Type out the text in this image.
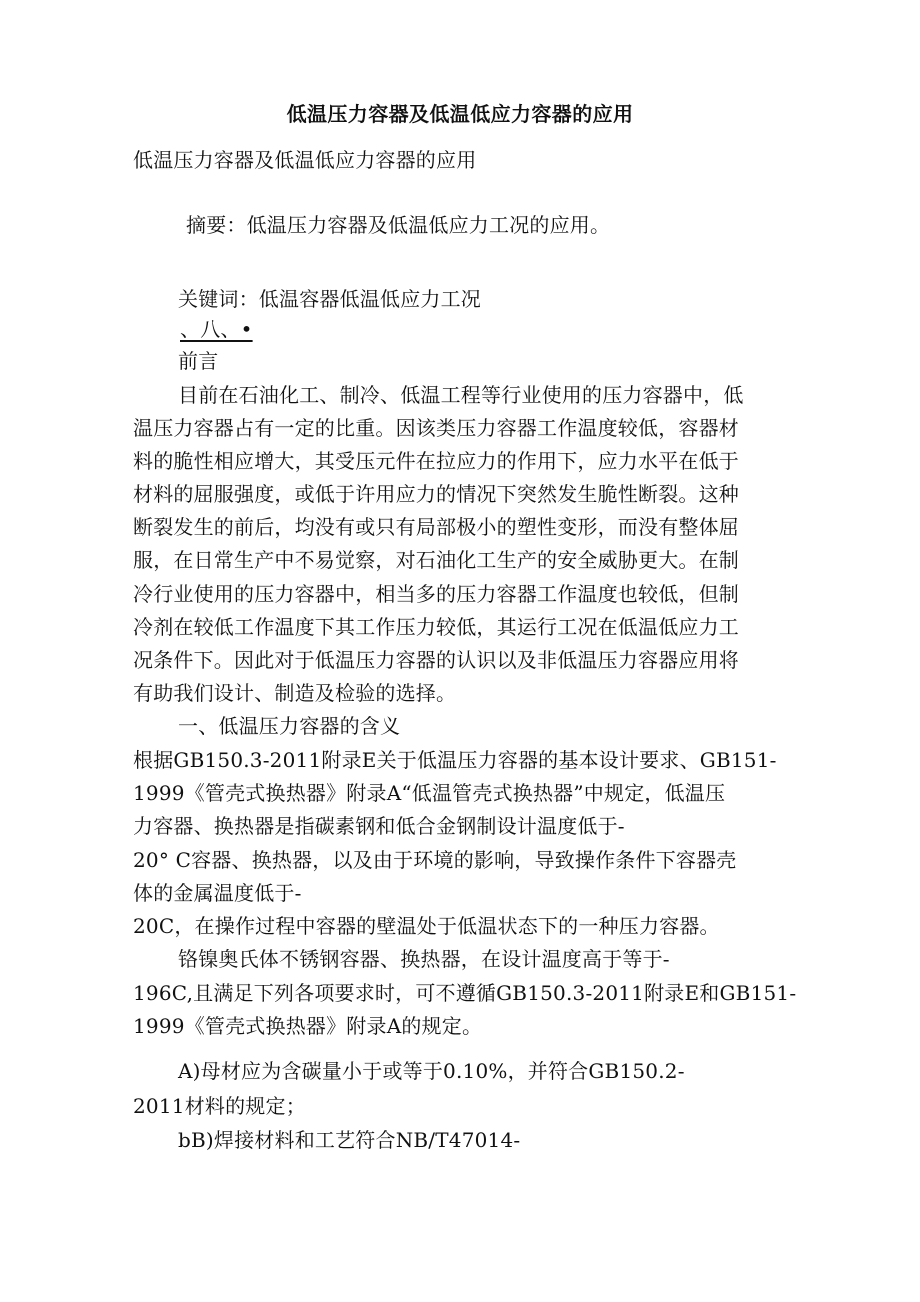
低温压力容器及低温低应力容器的应用

低温压力容器及低温低应力容器的应用

摘要：低温压力容器及低温低应力工况的应用。

关键词：低温容器低温低应力工况

、八、•

前言

目前在石油化工、制冷、低温工程等行业使用的压力容器中，低

温压力容器占有一定的比重。因该类压力容器工作温度较低，容器材

料的脆性相应增大，其受压元件在拉应力的作用下，应力水平在低于

材料的屈服强度，或低于许用应力的情况下突然发生脆性断裂。这种

断裂发生的前后，均没有或只有局部极小的塑性变形，而没有整体屈

服，在日常生产中不易觉察，对石油化工生产的安全威胁更大。在制

冷行业使用的压力容器中，相当多的压力容器工作温度也较低，但制

冷剂在较低工作温度下其工作压力较低，其运行工况在低温低应力工

况条件下。因此对于低温压力容器的认识以及非低温压力容器应用将

有助我们设计、制造及检验的选择。

一、低温压力容器的含义

根据GB150.3-2011附录E关于低温压力容器的基本设计要求、GB151-

1999《管壳式换热器》附录A“低温管壳式换热器”中规定，低温压

力容器、换热器是指碳素钢和低合金钢制设计温度低于-

20° C容器、换热器，以及由于环境的影响，导致操作条件下容器壳

体的金属温度低于-

20C，在操作过程中容器的壁温处于低温状态下的一种压力容器。

铬镍奥氏体不锈钢容器、换热器，在设计温度高于等于-

196C,且满足下列各项要求时，可不遵循GB150.3-2011附录E和GB151-

1999《管壳式换热器》附录A的规定。

A)母材应为含碳量小于或等于0.10%，并符合GB150.2-

2011材料的规定；

bB)焊接材料和工艺符合NB/T47014-
